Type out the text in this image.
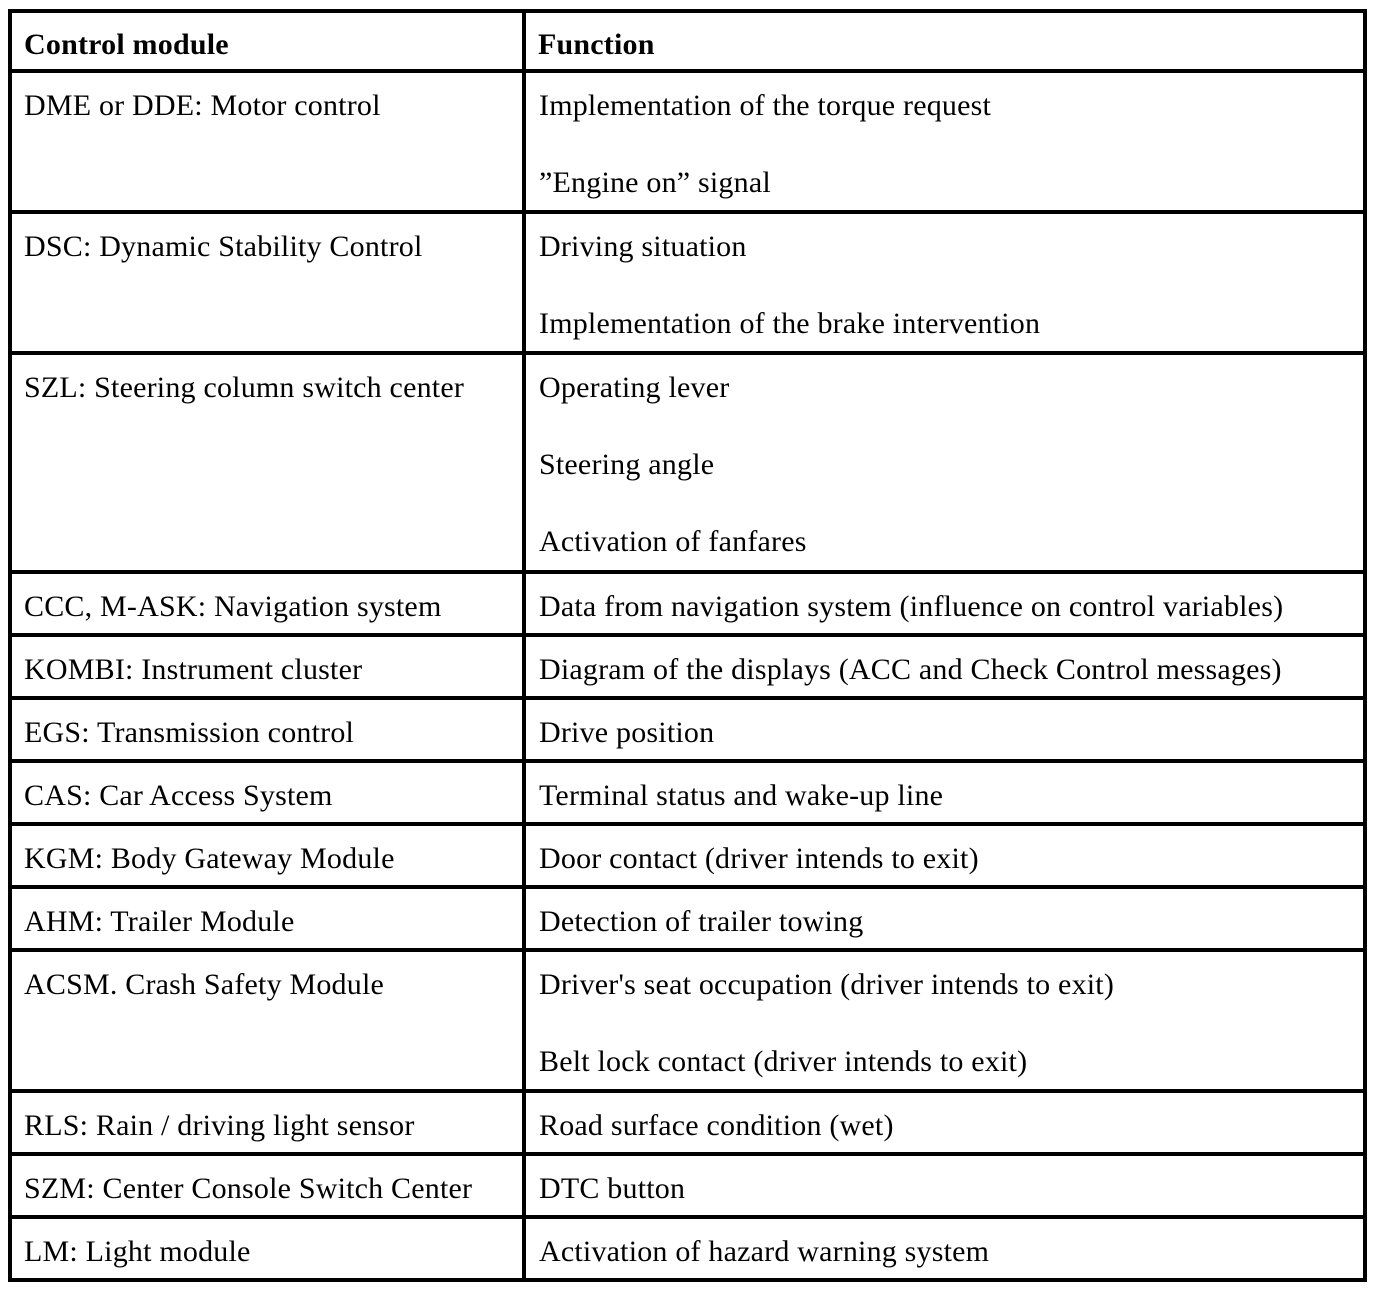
Control module	Function
DME or DDE: Motor control	Implementation of the torque request
”Engine on” signal

DSC: Dynamic Stability Control	Driving situation
Implementation of the brake intervention

SZL: Steering column switch center	Operating lever
Steering angle
Activation of fanfares

CCC, M-ASK: Navigation system	Data from navigation system (influence on control variables)

KOMBI: Instrument cluster	Diagram of the displays (ACC and Check Control messages)

EGS: Transmission control	Drive position

CAS: Car Access System	Terminal status and wake-up line

KGM: Body Gateway Module	Door contact (driver intends to exit)

AHM: Trailer Module	Detection of trailer towing

ACSM. Crash Safety Module	Driver's seat occupation (driver intends to exit)
Belt lock contact (driver intends to exit)

RLS: Rain / driving light sensor	Road surface condition (wet)

SZM: Center Console Switch Center	DTC button

LM: Light module	Activation of hazard warning system
